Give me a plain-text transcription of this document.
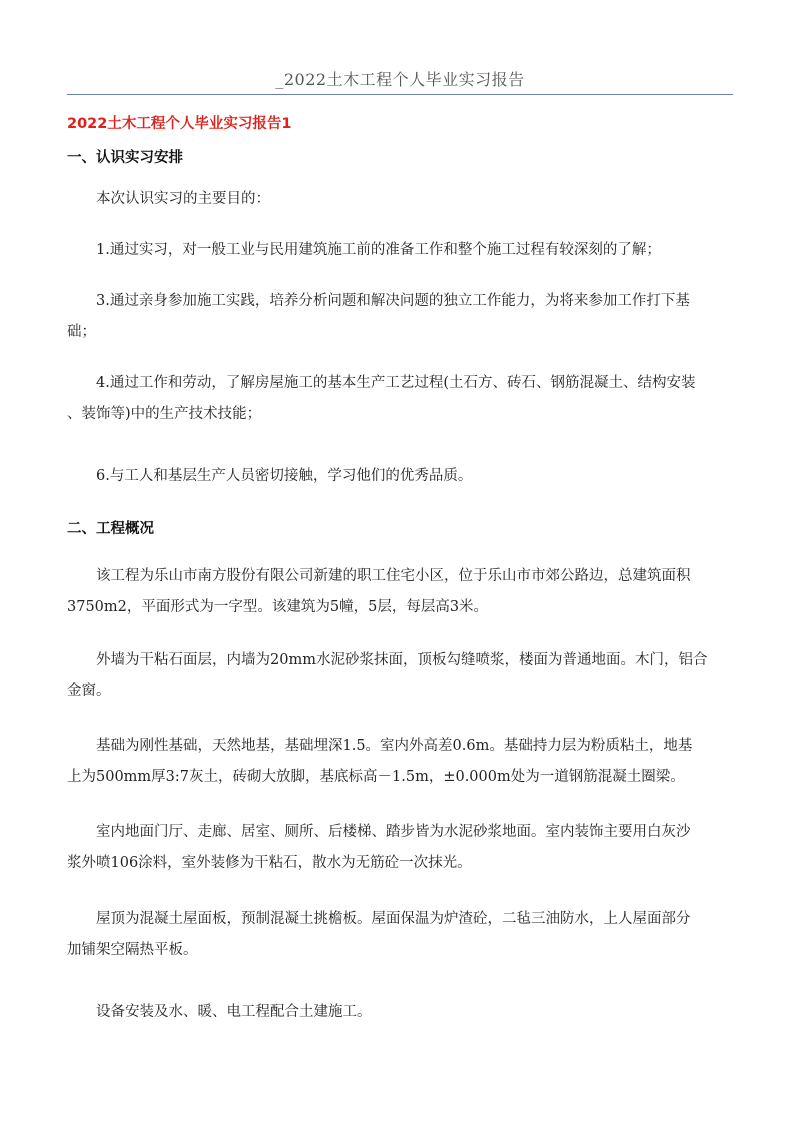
_2022土木工程个人毕业实习报告
2022土木工程个人毕业实习报告1
一、认识实习安排
本次认识实习的主要目的：
1.通过实习，对一般工业与民用建筑施工前的准备工作和整个施工过程有较深刻的了解；
3.通过亲身参加施工实践，培养分析问题和解决问题的独立工作能力，为将来参加工作打下基
础；
4.通过工作和劳动，了解房屋施工的基本生产工艺过程(土石方、砖石、钢筋混凝土、结构安装
、装饰等)中的生产技术技能；
6.与工人和基层生产人员密切接触，学习他们的优秀品质。
二、工程概况
该工程为乐山市南方股份有限公司新建的职工住宅小区，位于乐山市市郊公路边，总建筑面积
3750m2，平面形式为一字型。该建筑为5幢，5层，每层高3米。
外墙为干粘石面层，内墙为20mm水泥砂浆抹面，顶板勾缝喷浆，楼面为普通地面。木门，铝合
金窗。
基础为刚性基础，天然地基，基础埋深1.5。室内外高差0.6m。基础持力层为粉质粘土，地基
上为500mm厚3:7灰土，砖砌大放脚，基底标高－1.5m，±0.000m处为一道钢筋混凝土圈梁。
室内地面门厅、走廊、居室、厕所、后楼梯、踏步皆为水泥砂浆地面。室内装饰主要用白灰沙
浆外喷106涂料，室外装修为干粘石，散水为无筋砼一次抹光。
屋顶为混凝土屋面板，预制混凝土挑檐板。屋面保温为炉渣砼，二毡三油防水，上人屋面部分
加铺架空隔热平板。
设备安装及水、暖、电工程配合土建施工。
